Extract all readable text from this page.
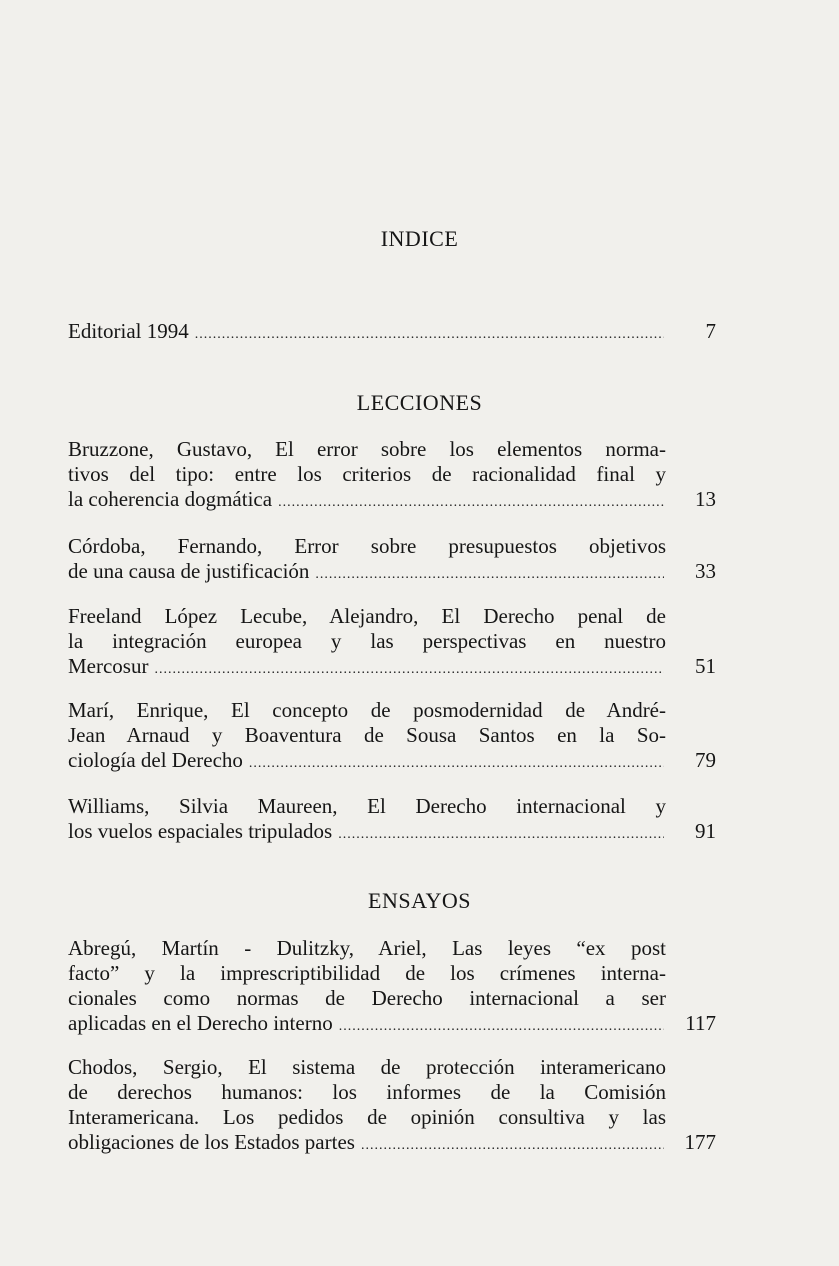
INDICE
Editorial 1994 .....	7
LECCIONES
Bruzzone, Gustavo, El error sobre los elementos norma-
tivos del tipo: entre los criterios de racionalidad final y
la coherencia dogmática .....	13
Córdoba, Fernando, Error sobre presupuestos objetivos
de una causa de justificación .....	33
Freeland López Lecube, Alejandro, El Derecho penal de
la integración europea y las perspectivas en nuestro
Mercosur .....	51
Marí, Enrique, El concepto de posmodernidad de André-
Jean Arnaud y Boaventura de Sousa Santos en la So-
ciología del Derecho .....	79
Williams, Silvia Maureen, El Derecho internacional y
los vuelos espaciales tripulados .....	91
ENSAYOS
Abregú, Martín - Dulitzky, Ariel, Las leyes “ex post
facto” y la imprescriptibilidad de los crímenes interna-
cionales como normas de Derecho internacional a ser
aplicadas en el Derecho interno .....	117
Chodos, Sergio, El sistema de protección interamericano
de derechos humanos: los informes de la Comisión
Interamericana. Los pedidos de opinión consultiva y las
obligaciones de los Estados partes .....	177
